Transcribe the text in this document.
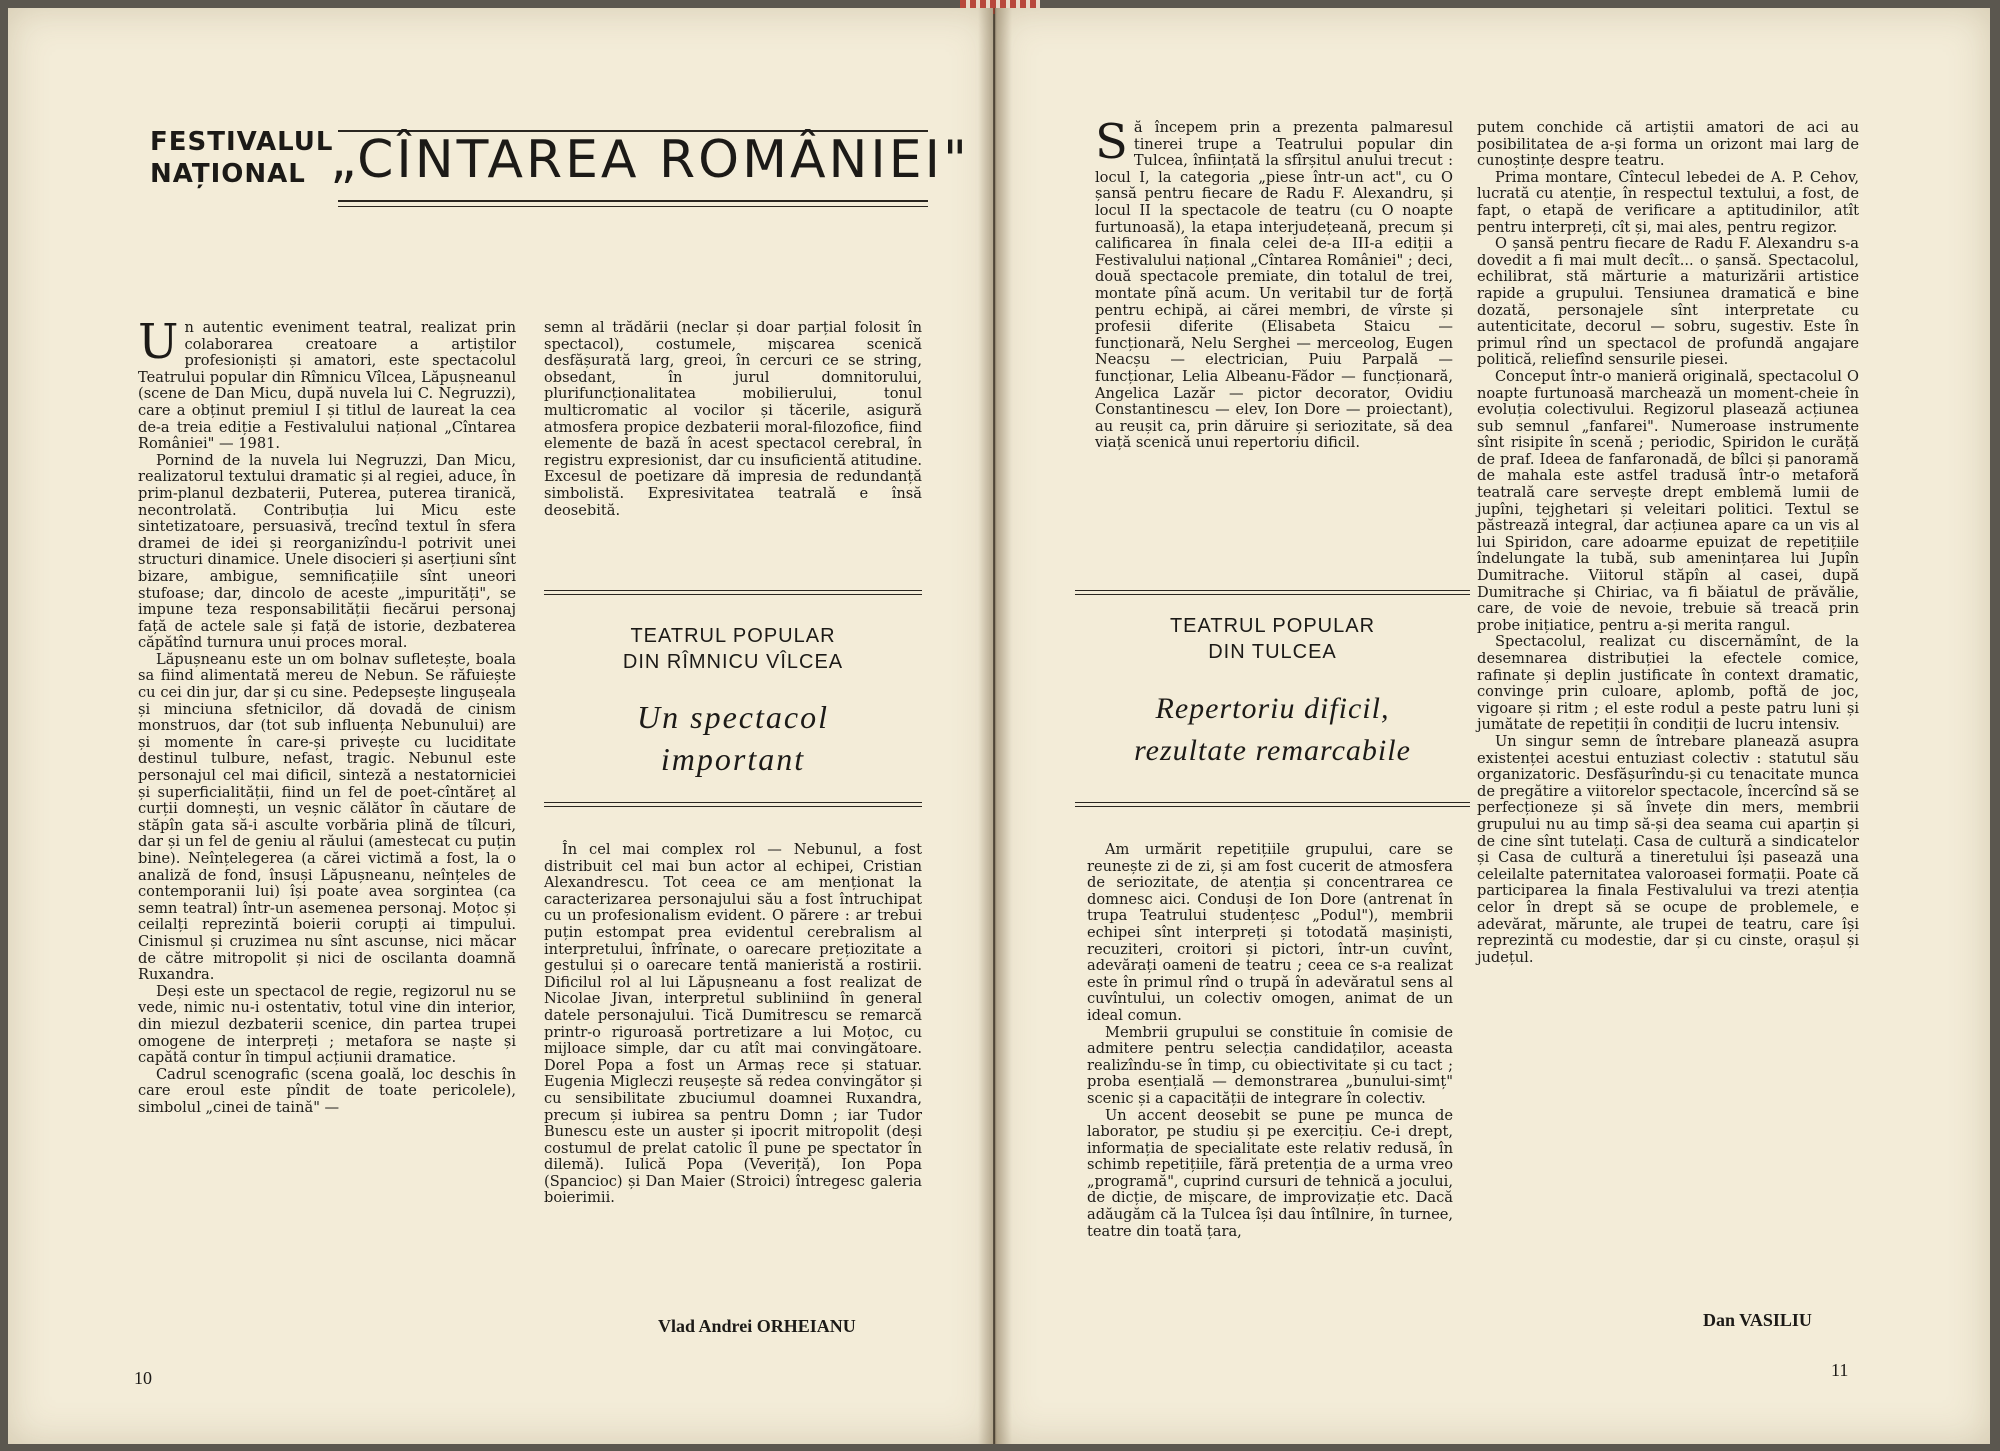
FESTIVALUL
NAȚIONAL „CÎNTAREA ROMÂNIEI"

Un autentic eveniment teatral, realizat prin colaborarea creatoare a artiștilor profesioniști și amatori, este spectacolul Teatrului popular din Rîmnicu Vîlcea, Lăpușneanul (scene de Dan Micu, după nuvela lui C. Negruzzi), care a obținut premiul I și titlul de laureat la cea de-a treia ediție a Festivalului național „Cîntarea României" — 1981.

Pornind de la nuvela lui Negruzzi, Dan Micu, realizatorul textului dramatic și al regiei, aduce, în prim-planul dezbaterii, Puterea, puterea tiranică, necontrolată. Contribuția lui Micu este sintetizatoare, persuasivă, trecînd textul în sfera dramei de idei și reorganizîndu-l potrivit unei structuri dinamice. Unele disocieri și aserțiuni sînt bizare, ambigue, semnificațiile sînt uneori stufoase; dar, dincolo de aceste „impurități", se impune teza responsabilității fiecărui personaj față de actele sale și față de istorie, dezbaterea căpătînd turnura unui proces moral.

Lăpușneanu este un om bolnav sufletește, boala sa fiind alimentată mereu de Nebun. Se răfuiește cu cei din jur, dar și cu sine. Pedepsește lingușeala și minciuna sfetnicilor, dă dovadă de cinism monstruos, dar (tot sub influența Nebunului) are și momente în care-și privește cu luciditate destinul tulbure, nefast, tragic. Nebunul este personajul cel mai dificil, sinteză a nestatorniciei și superficialității, fiind un fel de poet-cîntăreț al curții domnești, un veșnic călător în căutare de stăpîn gata să-i asculte vorbăria plină de tîlcuri, dar și un fel de geniu al răului (amestecat cu puțin bine). Neînțelegerea (a cărei victimă a fost, la o analiză de fond, însuși Lăpușneanu, neînțeles de contemporanii lui) își poate avea sorgintea (ca semn teatral) într-un asemenea personaj. Moțoc și ceilalți reprezintă boierii corupți ai timpului. Cinismul și cruzimea nu sînt ascunse, nici măcar de către mitropolit și nici de oscilanta doamnă Ruxandra.

Deși este un spectacol de regie, regizorul nu se vede, nimic nu-i ostentativ, totul vine din interior, din miezul dezbaterii scenice, din partea trupei omogene de interpreți ; metafora se naște și capătă contur în timpul acțiunii dramatice.

Cadrul scenografic (scena goală, loc deschis în care eroul este pîndit de toate pericolele), simbolul „cinei de taină" —

semn al trădării (neclar și doar parțial folosit în spectacol), costumele, mișcarea scenică desfășurată larg, greoi, în cercuri ce se string, obsedant, în jurul domnitorului, plurifuncționalitatea mobilierului, tonul multicromatic al vocilor și tăcerile, asigură atmosfera propice dezbaterii moral-filozofice, fiind elemente de bază în acest spectacol cerebral, în registru expresionist, dar cu insuficientă atitudine. Excesul de poetizare dă impresia de redundanță simbolistă. Expresivitatea teatrală e însă deosebită.

TEATRUL POPULAR
DIN RÎMNICU VÎLCEA
Un spectacol
important

În cel mai complex rol — Nebunul, a fost distribuit cel mai bun actor al echipei, Cristian Alexandrescu. Tot ceea ce am menționat la caracterizarea personajului său a fost întruchipat cu un profesionalism evident. O părere : ar trebui puțin estompat prea evidentul cerebralism al interpretului, înfrînate, o oarecare prețiozitate a gestului și o oarecare tentă manieristă a rostirii. Dificilul rol al lui Lăpușneanu a fost realizat de Nicolae Jivan, interpretul subliniind în general datele personajului. Tică Dumitrescu se remarcă printr-o riguroasă portretizare a lui Moțoc, cu mijloace simple, dar cu atît mai convingătoare. Dorel Popa a fost un Armaș rece și statuar. Eugenia Migleczi reușește să redea convingător și cu sensibilitate zbuciumul doamnei Ruxandra, precum și iubirea sa pentru Domn ; iar Tudor Bunescu este un auster și ipocrit mitropolit (deși costumul de prelat catolic îl pune pe spectator în dilemă). Iulică Popa (Veveriță), Ion Popa (Spancioc) și Dan Maier (Stroici) întregesc galeria boierimii.

Vlad Andrei ORHEIANU
10

Să începem prin a prezenta palmaresul tinerei trupe a Teatrului popular din Tulcea, înființată la sfîrșitul anului trecut : locul I, la categoria „piese într-un act", cu O șansă pentru fiecare de Radu F. Alexandru, și locul II la spectacole de teatru (cu O noapte furtunoasă), la etapa interjudețeană, precum și calificarea în finala celei de-a III-a ediții a Festivalului național „Cîntarea României" ; deci, două spectacole premiate, din totalul de trei, montate pînă acum. Un veritabil tur de forță pentru echipă, ai cărei membri, de vîrste și profesii diferite (Elisabeta Staicu — funcționară, Nelu Serghei — merceolog, Eugen Neacșu — electrician, Puiu Parpală — funcționar, Lelia Albeanu-Fădor — funcționară, Angelica Lazăr — pictor decorator, Ovidiu Constantinescu — elev, Ion Dore — proiectant), au reușit ca, prin dăruire și seriozitate, să dea viață scenică unui repertoriu dificil.

TEATRUL POPULAR
DIN TULCEA
Repertoriu dificil,
rezultate remarcabile

Am urmărit repetițiile grupului, care se reunește zi de zi, și am fost cucerit de atmosfera de seriozitate, de atenția și concentrarea ce domnesc aici. Conduși de Ion Dore (antrenat în trupa Teatrului studențesc „Podul"), membrii echipei sînt interpreți și totodată mașiniști, recuziteri, croitori și pictori, într-un cuvînt, adevărați oameni de teatru ; ceea ce s-a realizat este în primul rînd o trupă în adevăratul sens al cuvîntului, un colectiv omogen, animat de un ideal comun.

Membrii grupului se constituie în comisie de admitere pentru selecția candidaților, aceasta realizîndu-se în timp, cu obiectivitate și cu tact ; proba esențială — demonstrarea „bunului-simț" scenic și a capacității de integrare în colectiv.

Un accent deosebit se pune pe munca de laborator, pe studiu și pe exercițiu. Ce-i drept, informația de specialitate este relativ redusă, în schimb repetițiile, fără pretenția de a urma vreo „programă", cuprind cursuri de tehnică a jocului, de dicție, de mișcare, de improvizație etc. Dacă adăugăm că la Tulcea își dau întîlnire, în turnee, teatre din toată țara,

putem conchide că artiștii amatori de aci au posibilitatea de a-și forma un orizont mai larg de cunoștințe despre teatru.

Prima montare, Cîntecul lebedei de A. P. Cehov, lucrată cu atenție, în respectul textului, a fost, de fapt, o etapă de verificare a aptitudinilor, atît pentru interpreți, cît și, mai ales, pentru regizor.

O șansă pentru fiecare de Radu F. Alexandru s-a dovedit a fi mai mult decît... o șansă. Spectacolul, echilibrat, stă mărturie a maturizării artistice rapide a grupului. Tensiunea dramatică e bine dozată, personajele sînt interpretate cu autenticitate, decorul — sobru, sugestiv. Este în primul rînd un spectacol de profundă angajare politică, reliefînd sensurile piesei.

Conceput într-o manieră originală, spectacolul O noapte furtunoasă marchează un moment-cheie în evoluția colectivului. Regizorul plasează acțiunea sub semnul „fanfarei". Numeroase instrumente sînt risipite în scenă ; periodic, Spiridon le curăță de praf. Ideea de fanfaronadă, de bîlci și panoramă de mahala este astfel tradusă într-o metaforă teatrală care servește drept emblemă lumii de jupîni, tejghetari și veleitari politici. Textul se păstrează integral, dar acțiunea apare ca un vis al lui Spiridon, care adoarme epuizat de repetițiile îndelungate la tubă, sub amenințarea lui Jupîn Dumitrache. Viitorul stăpîn al casei, după Dumitrache și Chiriac, va fi băiatul de prăvălie, care, de voie de nevoie, trebuie să treacă prin probe inițiatice, pentru a-și merita rangul.

Spectacolul, realizat cu discernămînt, de la desemnarea distribuției la efectele comice, rafinate și deplin justificate în context dramatic, convinge prin culoare, aplomb, poftă de joc, vigoare și ritm ; el este rodul a peste patru luni și jumătate de repetiții în condiții de lucru intensiv.

Un singur semn de întrebare planează asupra existenței acestui entuziast colectiv : statutul său organizatoric. Desfășurîndu-și cu tenacitate munca de pregătire a viitorelor spectacole, încercînd să se perfecționeze și să învețe din mers, membrii grupului nu au timp să-și dea seama cui aparțin și de cine sînt tutelați. Casa de cultură a sindicatelor și Casa de cultură a tineretului își pasează una celeilalte paternitatea valoroasei formații. Poate că participarea la finala Festivalului va trezi atenția celor în drept să se ocupe de problemele, e adevărat, mărunte, ale trupei de teatru, care își reprezintă cu modestie, dar și cu cinste, orașul și județul.

Dan VASILIU
11
